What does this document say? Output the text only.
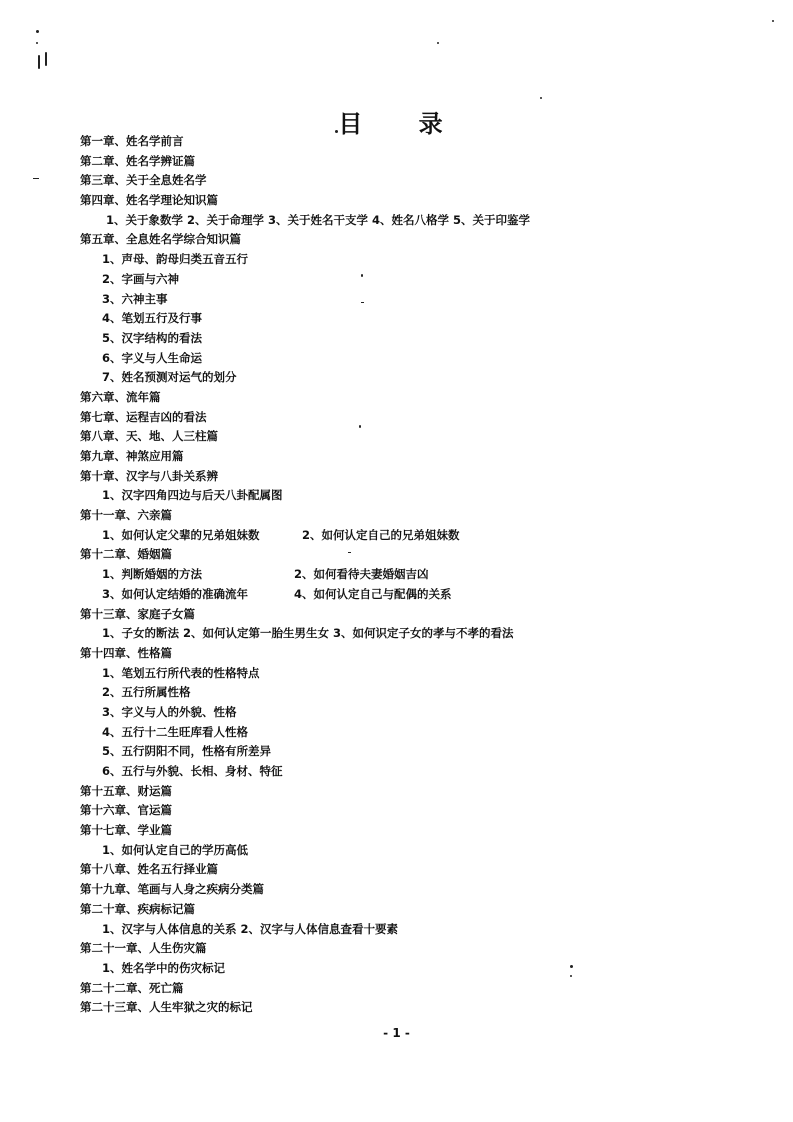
目 录
第一章、姓名学前言
第二章、姓名学辨证篇
第三章、关于全息姓名学
第四章、姓名学理论知识篇
1、关于象数学 2、关于命理学 3、关于姓名干支学 4、姓名八格学 5、关于印鉴学
第五章、全息姓名学综合知识篇
1、声母、韵母归类五音五行
2、字画与六神
3、六神主事
4、笔划五行及行事
5、汉字结构的看法
6、字义与人生命运
7、姓名预测对运气的划分
第六章、流年篇
第七章、运程吉凶的看法
第八章、天、地、人三柱篇
第九章、神煞应用篇
第十章、汉字与八卦关系辨
1、汉字四角四边与后天八卦配属图
第十一章、六亲篇
1、如何认定父辈的兄弟姐妹数	2、如何认定自己的兄弟姐妹数
第十二章、婚姻篇
1、判断婚姻的方法	2、如何看待夫妻婚姻吉凶
3、如何认定结婚的准确流年	4、如何认定自己与配偶的关系
第十三章、家庭子女篇
1、子女的断法 2、如何认定第一胎生男生女 3、如何识定子女的孝与不孝的看法
第十四章、性格篇
1、笔划五行所代表的性格特点
2、五行所属性格
3、字义与人的外貌、性格
4、五行十二生旺库看人性格
5、五行阴阳不同，性格有所差异
6、五行与外貌、长相、身材、特征
第十五章、财运篇
第十六章、官运篇
第十七章、学业篇
1、如何认定自己的学历高低
第十八章、姓名五行择业篇
第十九章、笔画与人身之疾病分类篇
第二十章、疾病标记篇
1、汉字与人体信息的关系 2、汉字与人体信息查看十要素
第二十一章、人生伤灾篇
1、姓名学中的伤灾标记
第二十二章、死亡篇
第二十三章、人生牢狱之灾的标记
- 1 -
